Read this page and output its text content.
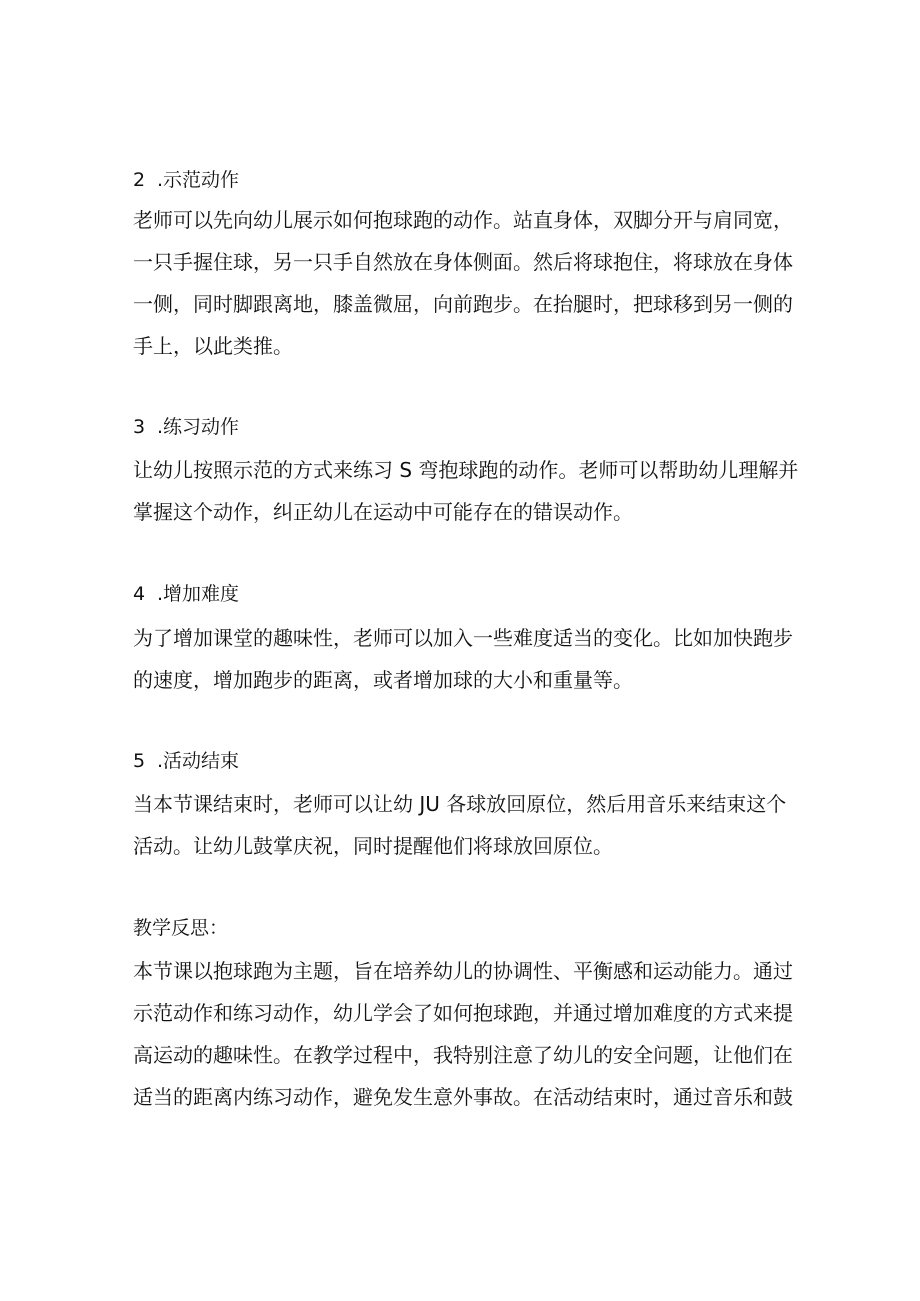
2 .示范动作
老师可以先向幼儿展示如何抱球跑的动作。站直身体，双脚分开与肩同宽，
一只手握住球，另一只手自然放在身体侧面。然后将球抱住，将球放在身体
一侧，同时脚跟离地，膝盖微屈，向前跑步。在抬腿时，把球移到另一侧的
手上，以此类推。
3 .练习动作
让幼儿按照示范的方式来练习 S 弯抱球跑的动作。老师可以帮助幼儿理解并
掌握这个动作，纠正幼儿在运动中可能存在的错误动作。
4 .增加难度
为了增加课堂的趣味性，老师可以加入一些难度适当的变化。比如加快跑步
的速度，增加跑步的距离，或者增加球的大小和重量等。
5 .活动结束
当本节课结束时，老师可以让幼 JU 各球放回原位，然后用音乐来结束这个
活动。让幼儿鼓掌庆祝，同时提醒他们将球放回原位。
教学反思：
本节课以抱球跑为主题，旨在培养幼儿的协调性、平衡感和运动能力。通过
示范动作和练习动作，幼儿学会了如何抱球跑，并通过增加难度的方式来提
高运动的趣味性。在教学过程中，我特别注意了幼儿的安全问题，让他们在
适当的距离内练习动作，避免发生意外事故。在活动结束时，通过音乐和鼓
